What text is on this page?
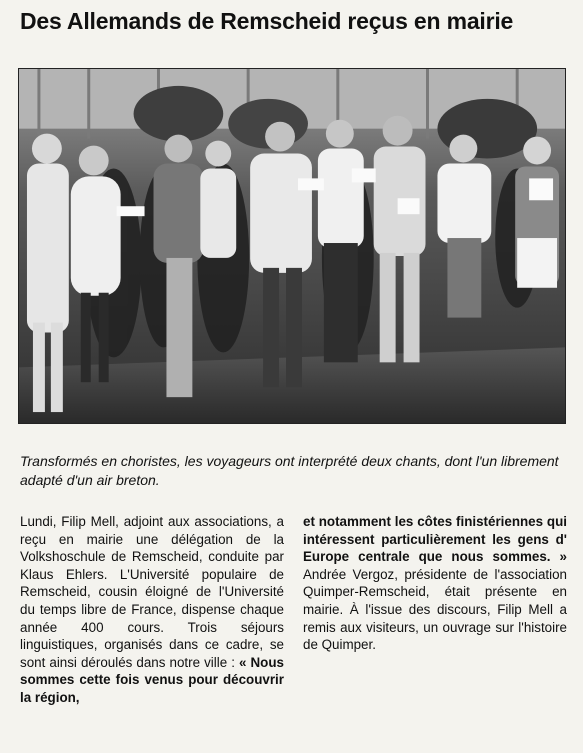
Des Allemands de Remscheid reçus en mairie

Transformés en choristes, les voyageurs ont interprété deux chants, dont l'un librement adapté d'un air breton.

Lundi, Filip Mell, adjoint aux associations, a reçu en mairie une délégation de la Volkshoschule de Remscheid, conduite par Klaus Ehlers. L'Université populaire de Remscheid, cousin éloigné de l'Université du temps libre de France, dispense chaque année 400 cours. Trois séjours linguistiques, organisés dans ce cadre, se sont ainsi déroulés dans notre ville : « Nous sommes cette fois venus pour découvrir la région,

et notamment les côtes finistériennes qui intéressent particulièrement les gens d' Europe centrale que nous sommes. » Andrée Vergoz, présidente de l'association Quimper-Remscheid, était présente en mairie. À l'issue des discours, Filip Mell a remis aux visiteurs, un ouvrage sur l'histoire de Quimper.
